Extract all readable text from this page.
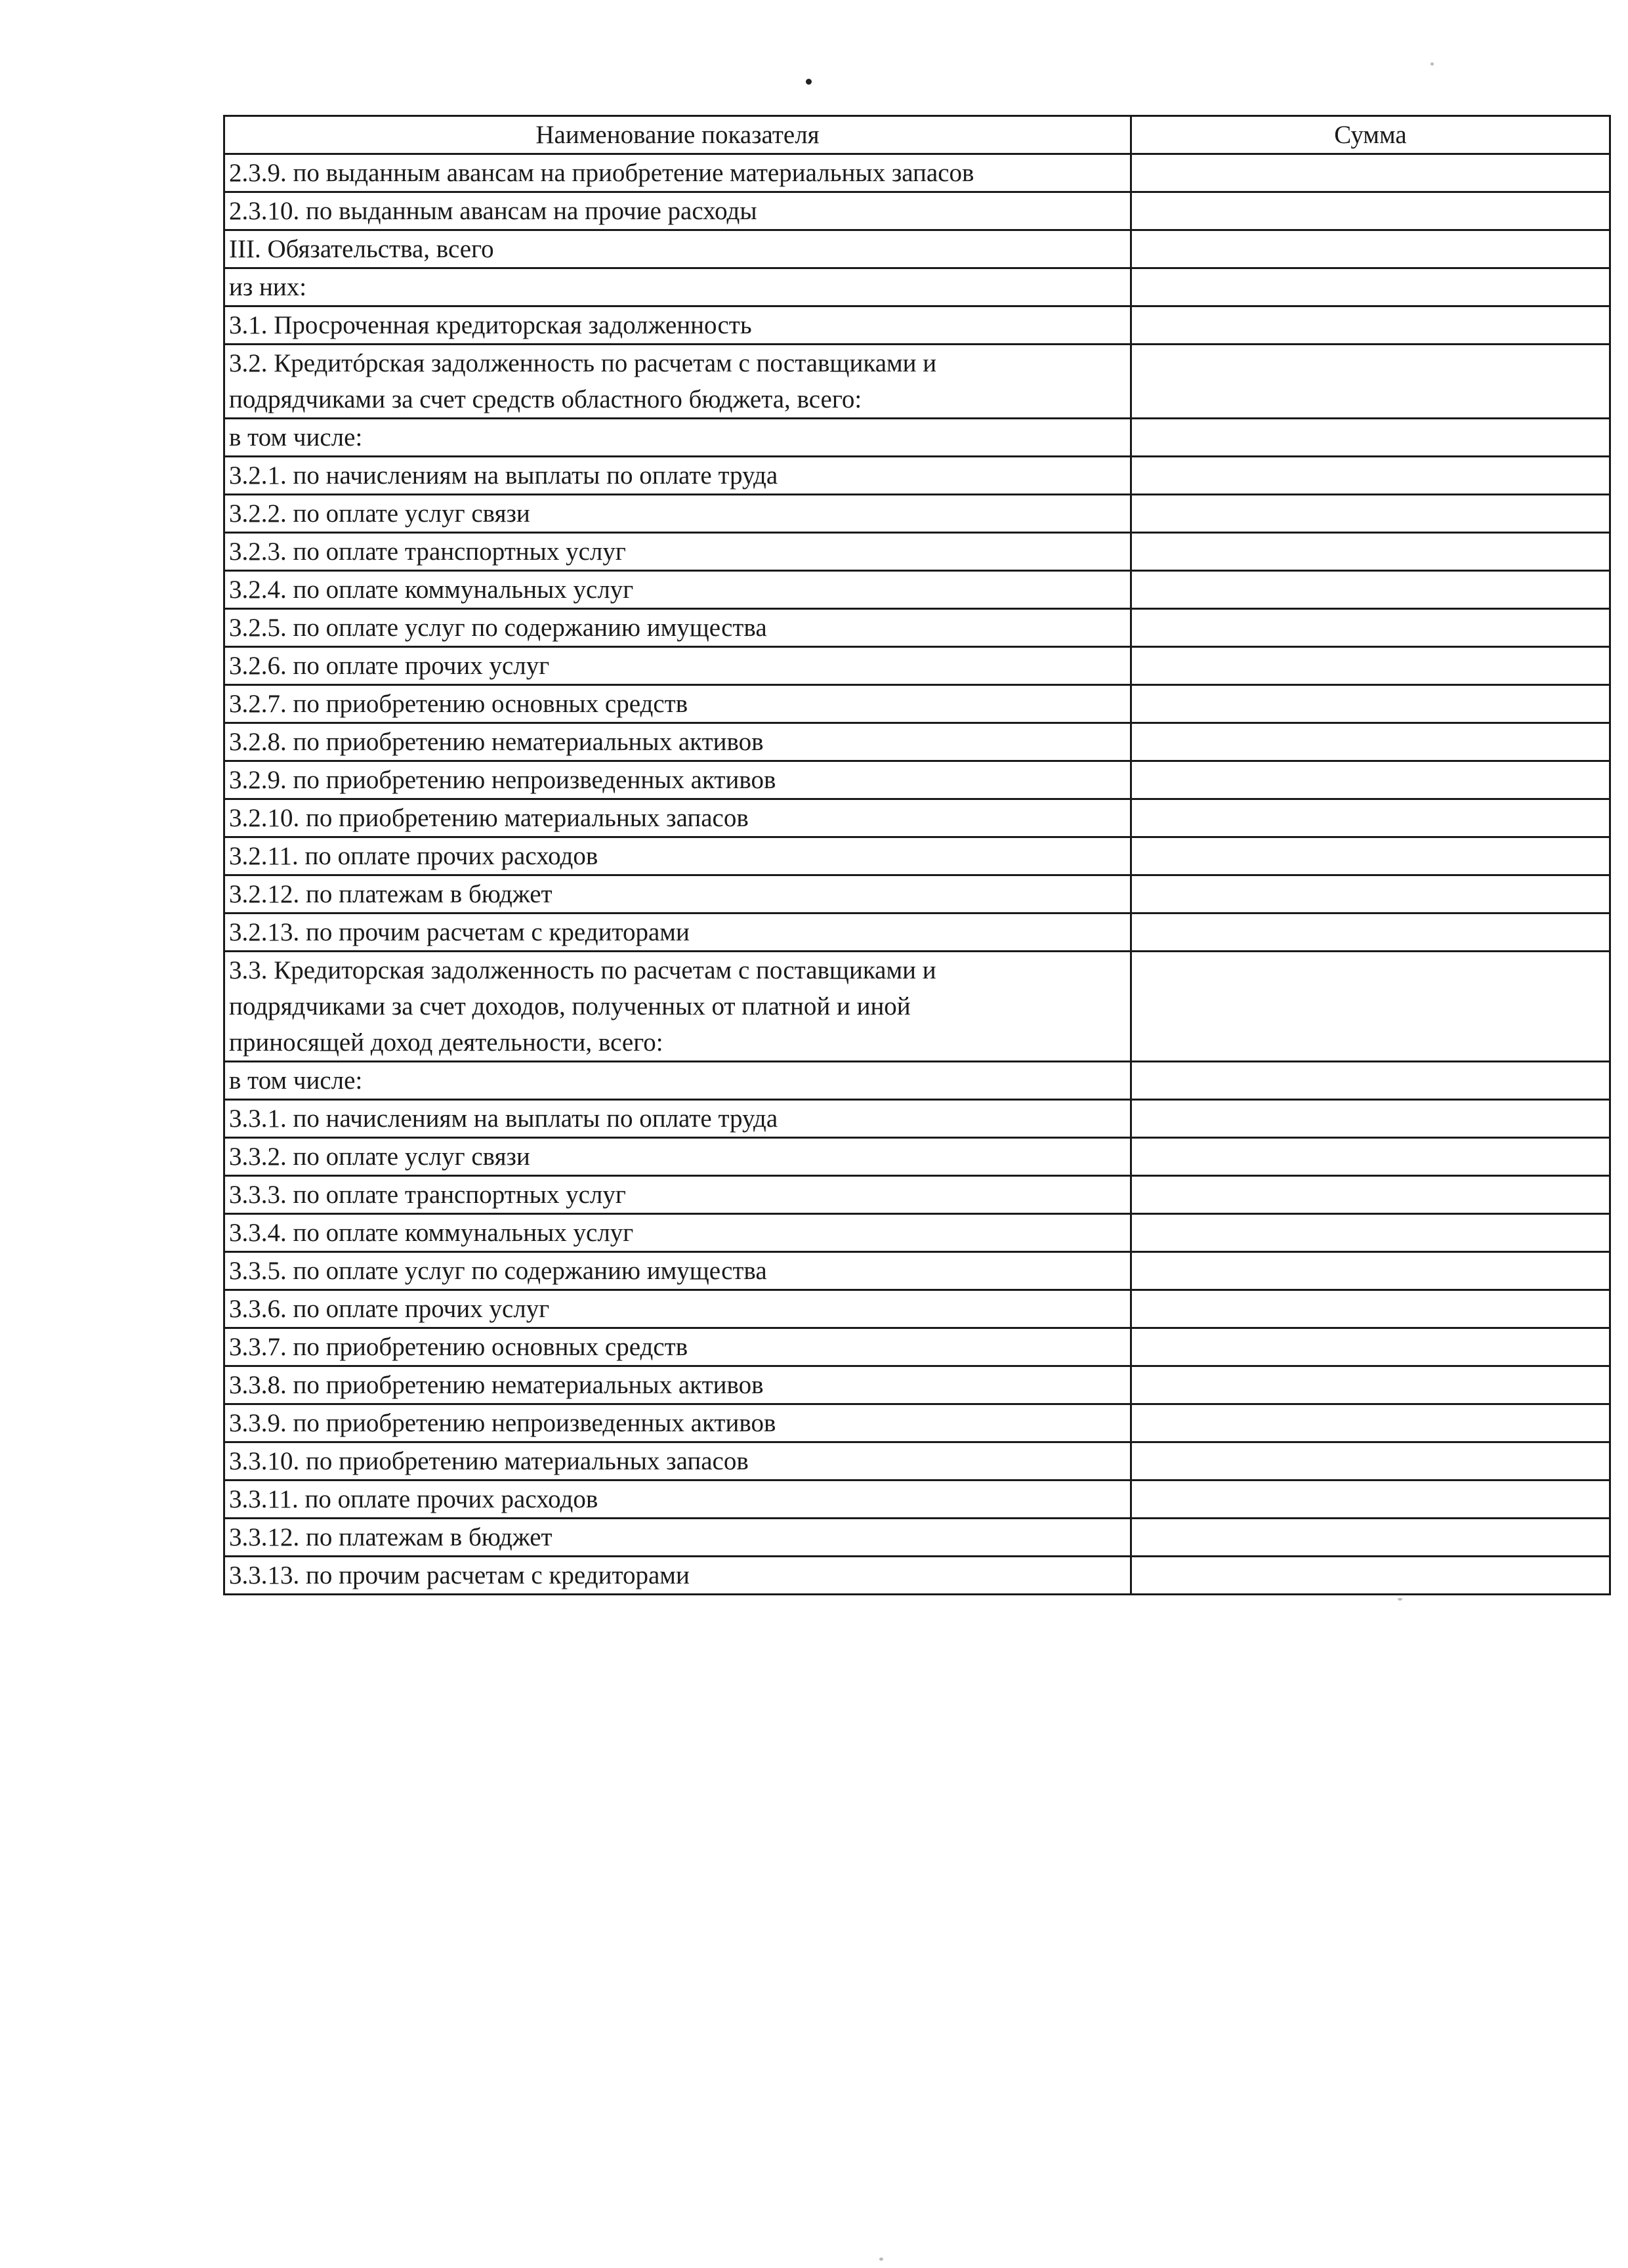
Наименование показателя	Сумма
2.3.9. по выданным авансам на приобретение материальных запасов	
2.3.10. по выданным авансам на прочие расходы	
III. Обязательства, всего	
из них:	
3.1. Просроченная кредиторская задолженность	
3.2. Кредитóрская задолженность по расчетам с поставщиками и
подрядчиками за счет средств областного бюджета, всего:	
в том числе:	
3.2.1. по начислениям на выплаты по оплате труда	
3.2.2. по оплате услуг связи	
3.2.3. по оплате транспортных услуг	
3.2.4. по оплате коммунальных услуг	
3.2.5. по оплате услуг по содержанию имущества	
3.2.6. по оплате прочих услуг	
3.2.7. по приобретению основных средств	
3.2.8. по приобретению нематериальных активов	
3.2.9. по приобретению непроизведенных активов	
3.2.10. по приобретению материальных запасов	
3.2.11. по оплате прочих расходов	
3.2.12. по платежам в бюджет	
3.2.13. по прочим расчетам с кредиторами	
3.3. Кредиторская задолженность по расчетам с поставщиками и
подрядчиками за счет доходов, полученных от платной и иной
приносящей доход деятельности, всего:	
в том числе:	
3.3.1. по начислениям на выплаты по оплате труда	
3.3.2. по оплате услуг связи	
3.3.3. по оплате транспортных услуг	
3.3.4. по оплате коммунальных услуг	
3.3.5. по оплате услуг по содержанию имущества	
3.3.6. по оплате прочих услуг	
3.3.7. по приобретению основных средств	
3.3.8. по приобретению нематериальных активов	
3.3.9. по приобретению непроизведенных активов	
3.3.10. по приобретению материальных запасов	
3.3.11. по оплате прочих расходов	
3.3.12. по платежам в бюджет	
3.3.13. по прочим расчетам с кредиторами	
